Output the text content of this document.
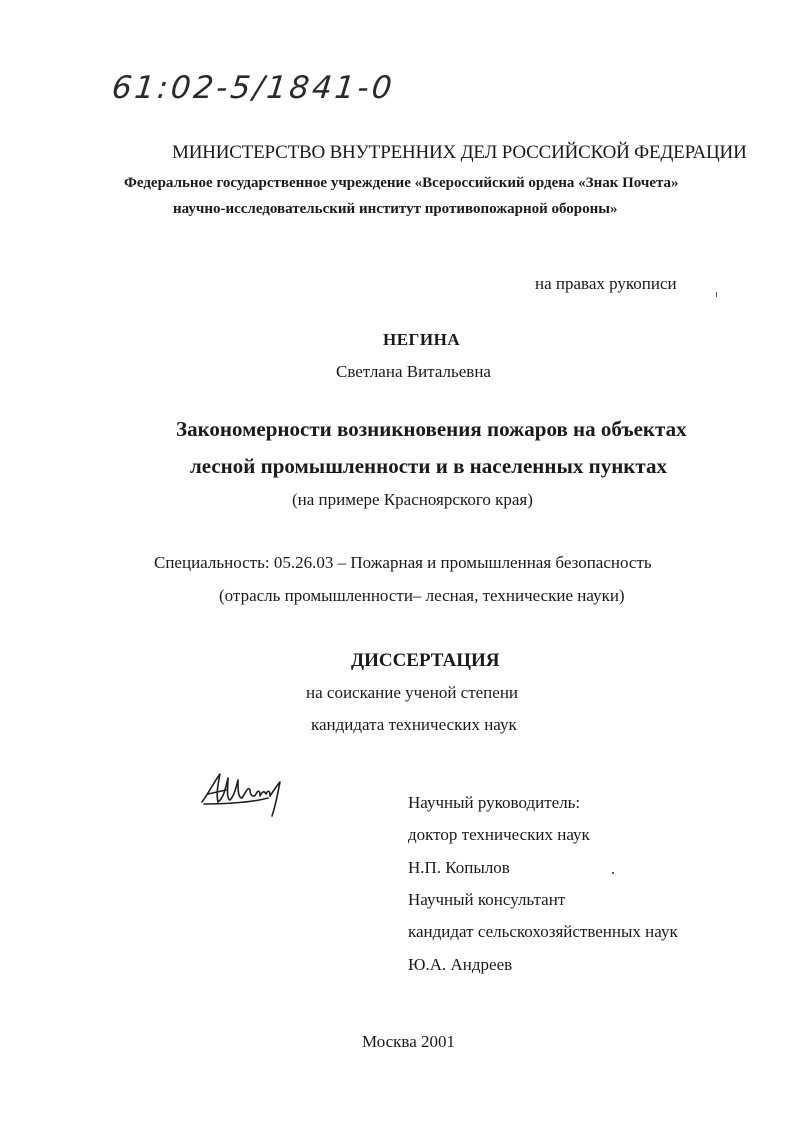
61:02-5/1841-0
МИНИСТЕРСТВО ВНУТРЕННИХ ДЕЛ РОССИЙСКОЙ ФЕДЕРАЦИИ
Федеральное государственное учреждение «Всероссийский ордена «Знак Почета»
научно-исследовательский институт противопожарной обороны»
на правах рукописи
НЕГИНА
Светлана Витальевна
Закономерности возникновения пожаров на объектах
лесной промышленности и в населенных пунктах
(на примере Красноярского края)
Специальность: 05.26.03 – Пожарная и промышленная безопасность
(отрасль промышленности– лесная, технические науки)
ДИССЕРТАЦИЯ
на соискание ученой степени
кандидата технических наук
Научный руководитель:
доктор технических наук
Н.П. Копылов
Научный консультант
кандидат сельскохозяйственных наук
Ю.А. Андреев
Москва 2001
